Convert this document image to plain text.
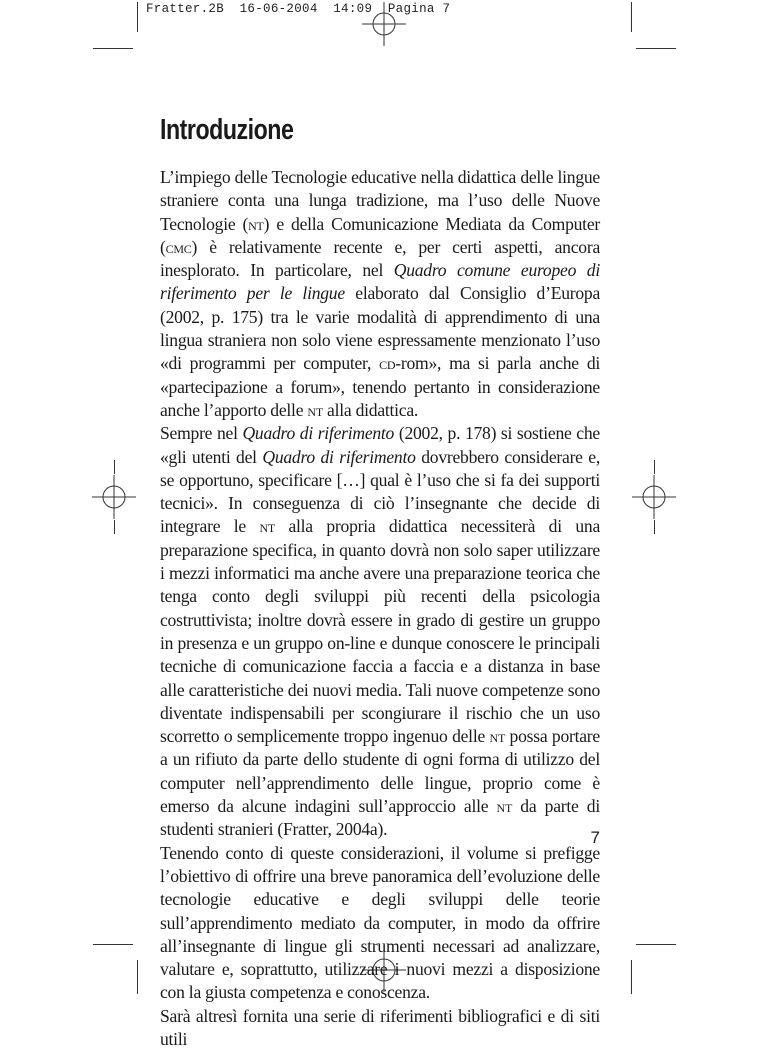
Fratter.2B 16-06-2004 14:09 Pagina 7
Introduzione

L’impiego delle Tecnologie educative nella didattica delle lingue straniere conta una lunga tradizione, ma l’uso delle Nuove Tecnologie (nt) e della Comunicazione Mediata da Computer (cmc) è relativamente recente e, per certi aspetti, ancora inesplorato. In particolare, nel Quadro comune europeo di riferimento per le lingue elaborato dal Consiglio d’Europa (2002, p. 175) tra le varie modalità di apprendimento di una lingua straniera non solo viene espressamente menzionato l’uso «di programmi per computer, cd-rom», ma si parla anche di «partecipazione a forum», tenendo pertanto in considerazione anche l’apporto delle nt alla didattica.

Sempre nel Quadro di riferimento (2002, p. 178) si sostiene che «gli utenti del Quadro di riferimento dovrebbero considerare e, se opportuno, specificare […] qual è l’uso che si fa dei supporti tecnici». In conseguenza di ciò l’insegnante che decide di integrare le nt alla propria didattica necessiterà di una preparazione specifica, in quanto dovrà non solo saper utilizzare i mezzi informatici ma anche avere una preparazione teorica che tenga conto degli sviluppi più recenti della psicologia costruttivista; inoltre dovrà essere in grado di gestire un gruppo in presenza e un gruppo on-line e dunque conoscere le principali tecniche di comunicazione faccia a faccia e a distanza in base alle caratteristiche dei nuovi media. Tali nuove competenze sono diventate indispensabili per scongiurare il rischio che un uso scorretto o semplicemente troppo ingenuo delle nt possa portare a un rifiuto da parte dello studente di ogni forma di utilizzo del computer nell’apprendimento delle lingue, proprio come è emerso da alcune indagini sull’approccio alle nt da parte di studenti stranieri (Fratter, 2004a).

Tenendo conto di queste considerazioni, il volume si prefigge l’obiettivo di offrire una breve panoramica dell’evoluzione delle tecnologie educative e degli sviluppi delle teorie sull’apprendimento mediato da computer, in modo da offrire all’insegnante di lingue gli strumenti necessari ad analizzare, valutare e, soprattutto, utilizzare i nuovi mezzi a disposizione con la giusta competenza e conoscenza.

Sarà altresì fornita una serie di riferimenti bibliografici e di siti utili

7
